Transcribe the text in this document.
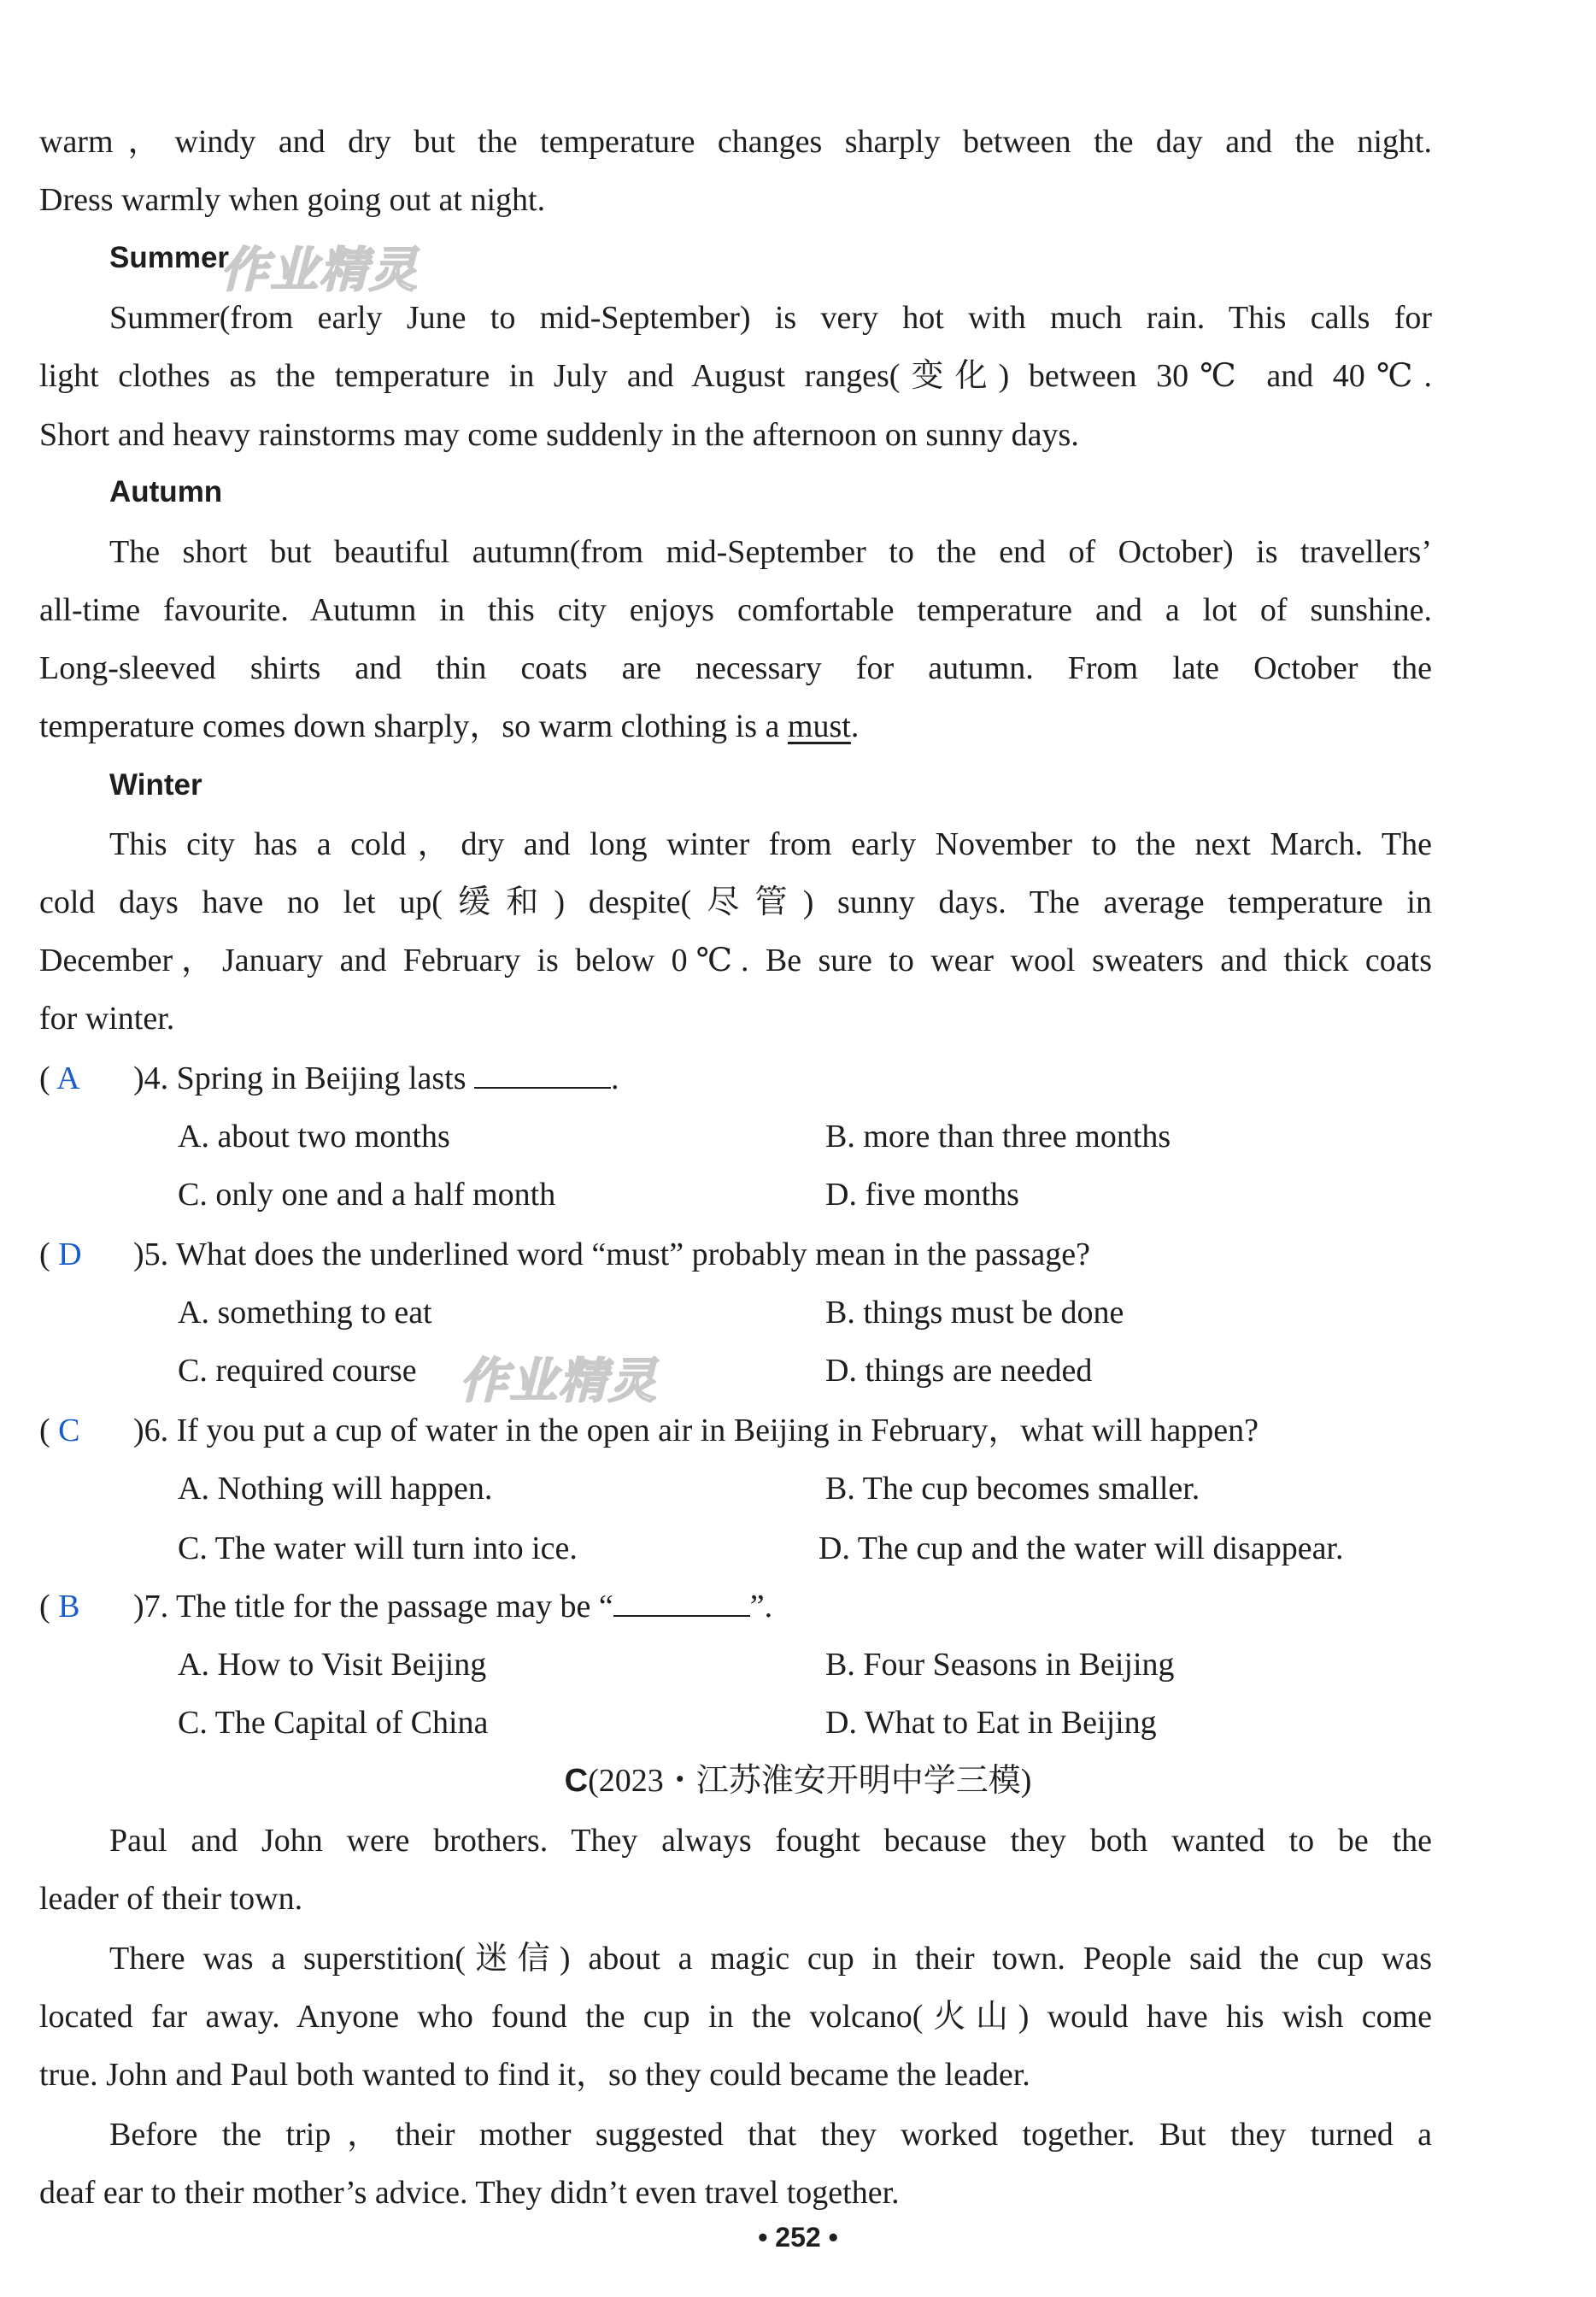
warm，windy and dry but the temperature changes sharply between the day and the night.
Dress warmly when going out at night.
Summer
作业精灵
Summer(from early June to mid-September) is very hot with much rain. This calls for
light clothes as the temperature in July and August ranges(变化) between 30℃ and 40℃.
Short and heavy rainstorms may come suddenly in the afternoon on sunny days.
Autumn
The short but beautiful autumn(from mid-September to the end of October) is travellers’
all-time favourite. Autumn in this city enjoys comfortable temperature and a lot of sunshine.
Long-sleeved shirts and thin coats are necessary for autumn. From late October the
temperature comes down sharply，so warm clothing is a must.
Winter
This city has a cold，dry and long winter from early November to the next March. The
cold days have no let up(缓和) despite(尽管) sunny days. The average temperature in
December，January and February is below 0℃. Be sure to wear wool sweaters and thick coats
for winter.
( A )4. Spring in Beijing lasts	.
A. about two months	B. more than three months
C. only one and a half month	D. five months
( D )5. What does the underlined word “must” probably mean in the passage?
A. something to eat	B. things must be done
C. required course 作业精灵	D. things are needed
( C )6. If you put a cup of water in the open air in Beijing in February，what will happen?
A. Nothing will happen.	B. The cup becomes smaller.
C. The water will turn into ice.	D. The cup and the water will disappear.
( B )7. The title for the passage may be “	”.
A. How to Visit Beijing	B. Four Seasons in Beijing
C. The Capital of China	D. What to Eat in Beijing
C(2023・江苏淮安开明中学三模)
Paul and John were brothers. They always fought because they both wanted to be the
leader of their town.
There was a superstition(迷信) about a magic cup in their town. People said the cup was
located far away. Anyone who found the cup in the volcano(火山) would have his wish come
true. John and Paul both wanted to find it，so they could became the leader.
Before the trip，their mother suggested that they worked together. But they turned a
deaf ear to their mother’s advice. They didn’t even travel together.
• 252 •
